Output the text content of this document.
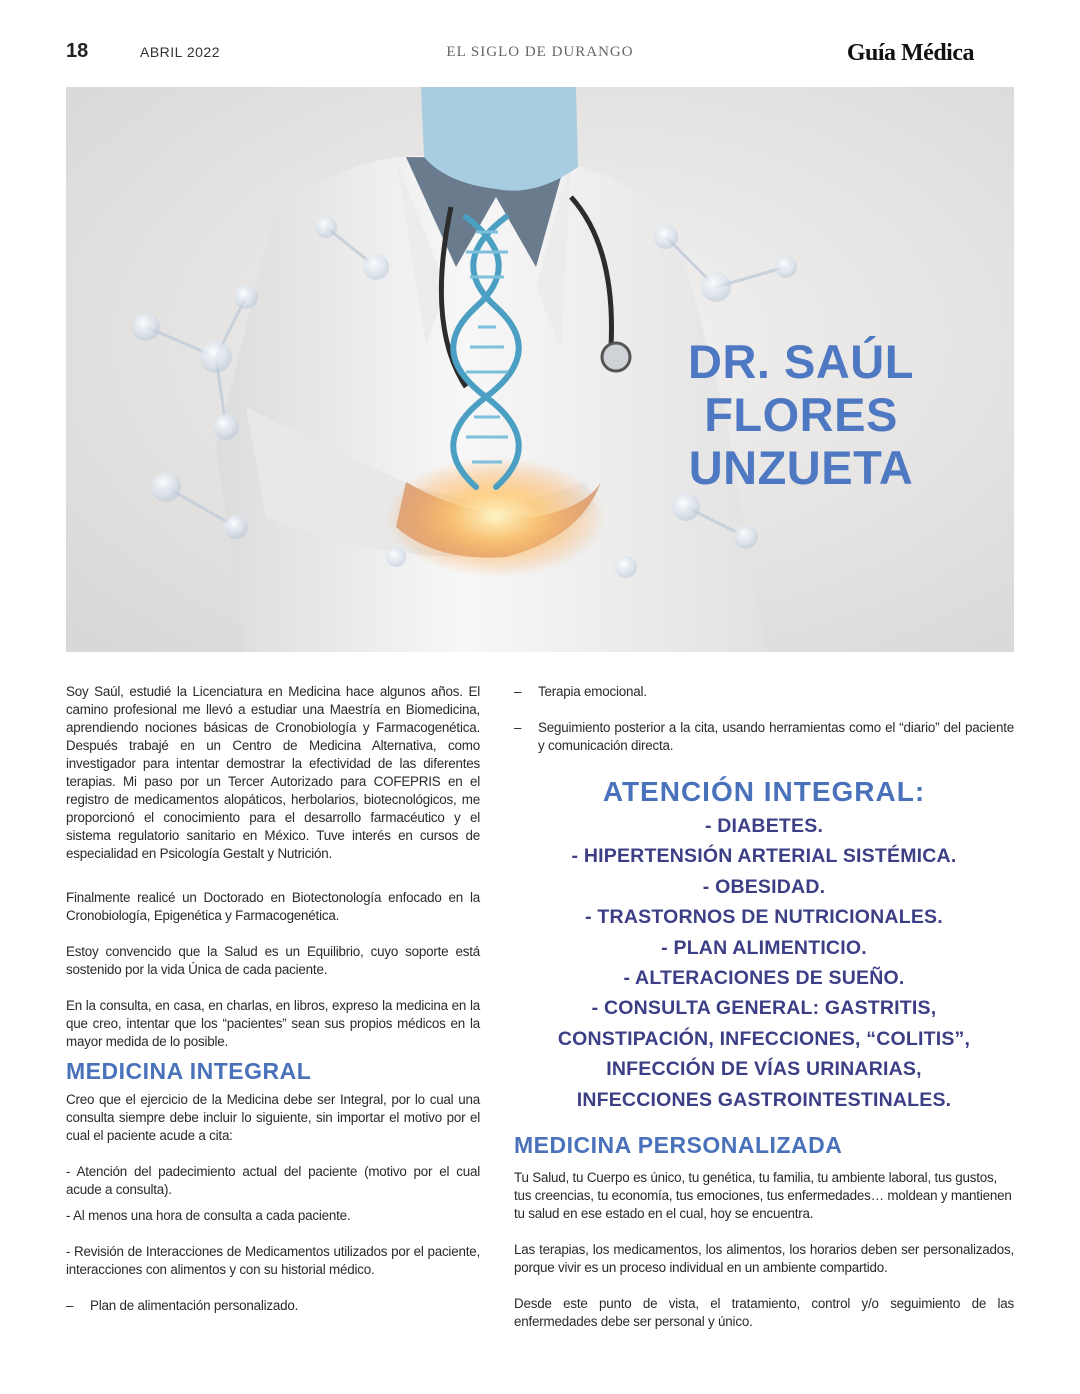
18	ABRIL 2022	EL SIGLO DE DURANGO	Guía Médica
DR. SAÚL
FLORES
UNZUETA

Soy Saúl, estudié la Licenciatura en Medicina hace algunos años. El camino profesional me llevó a estudiar una Maestría en Biomedicina, aprendiendo nociones básicas de Cronobiología y Farmacogenética. Después trabajé en un Centro de Medicina Alternativa, como investigador para intentar demostrar la efectividad de las diferentes terapias. Mi paso por un Tercer Autorizado para COFEPRIS en el registro de medicamentos alopáticos, herbolarios, biotecnológicos, me proporcionó el conocimiento para el desarrollo farmacéutico y el sistema regulatorio sanitario en México. Tuve interés en cursos de especialidad en Psicología Gestalt y Nutrición.

Finalmente realicé un Doctorado en Biotectonología enfocado en la Cronobiología, Epigenética y Farmacogenética.

Estoy convencido que la Salud es un Equilibrio, cuyo soporte está sostenido por la vida Única de cada paciente.

En la consulta, en casa, en charlas, en libros, expreso la medicina en la que creo, intentar que los “pacientes” sean sus propios médicos en la mayor medida de lo posible.

MEDICINA INTEGRAL

Creo que el ejercicio de la Medicina debe ser Integral, por lo cual una consulta siempre debe incluir lo siguiente, sin importar el motivo por el cual el paciente acude a cita:

- Atención del padecimiento actual del paciente (motivo por el cual acude a consulta).

- Al menos una hora de consulta a cada paciente.

- Revisión de Interacciones de Medicamentos utilizados por el paciente, interacciones con alimentos y con su historial médico.

–	Plan de alimentación personalizado.
–	Terapia emocional.
–	Seguimiento posterior a la cita, usando herramientas como el “diario” del paciente y comunicación directa.
ATENCIÓN INTEGRAL:
- DIABETES.
- HIPERTENSIÓN ARTERIAL SISTÉMICA.
- OBESIDAD.
- TRASTORNOS DE NUTRICIONALES.
- PLAN ALIMENTICIO.
- ALTERACIONES DE SUEÑO.
- CONSULTA GENERAL: GASTRITIS,
CONSTIPACIÓN, INFECCIONES, “COLITIS”,
INFECCIÓN DE VÍAS URINARIAS,
INFECCIONES GASTROINTESTINALES.
MEDICINA PERSONALIZADA

Tu Salud, tu Cuerpo es único, tu genética, tu familia, tu ambiente laboral, tus gustos, tus creencias, tu economía, tus emociones, tus enfermedades… moldean y mantienen tu salud en ese estado en el cual, hoy se encuentra.

Las terapias, los medicamentos, los alimentos, los horarios deben ser personalizados, porque vivir es un proceso individual en un ambiente compartido.

Desde este punto de vista, el tratamiento, control y/o seguimiento de las enfermedades debe ser personal y único.
